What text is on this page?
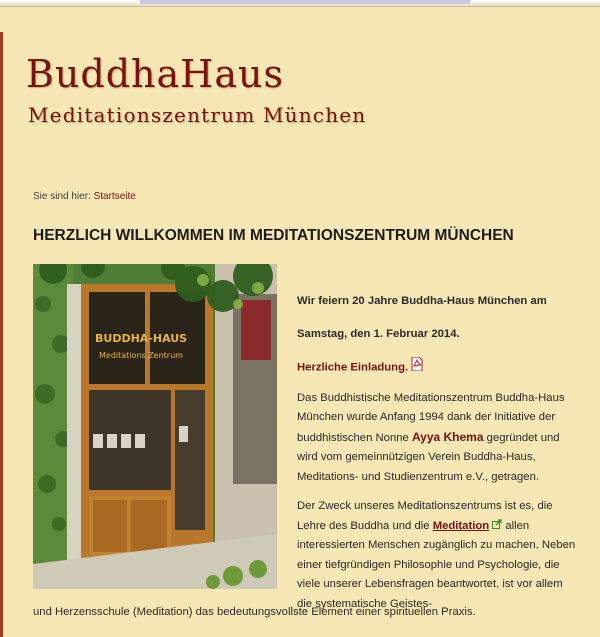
BuddhaHaus
Meditationszentrum München
Sie sind hier: Startseite
HERZLICH WILLKOMMEN IM MEDITATIONSZENTRUM MÜNCHEN
BUDDHA-HAUS
Meditations Zentrum

Wir feiern 20 Jahre Buddha-Haus München am

Samstag, den 1. Februar 2014.

Herzliche Einladung.

Das Buddhistische Meditationszentrum Buddha-Haus München wurde Anfang 1994 dank der Initiative der buddhistischen Nonne Ayya Khema gegründet und wird vom gemeinnützigen Verein Buddha-Haus, Meditations- und Studienzentrum e.V., getragen.

Der Zweck unseres Meditationszentrums ist es, die Lehre des Buddha und die Meditation allen interessierten Menschen zugänglich zu machen. Neben einer tiefgründigen Philosophie und Psychologie, die viele unserer Lebensfragen beantwortet, ist vor allem die systematische Geistes-

und Herzensschule (Meditation) das bedeutungsvollste Element einer spirituellen Praxis.
